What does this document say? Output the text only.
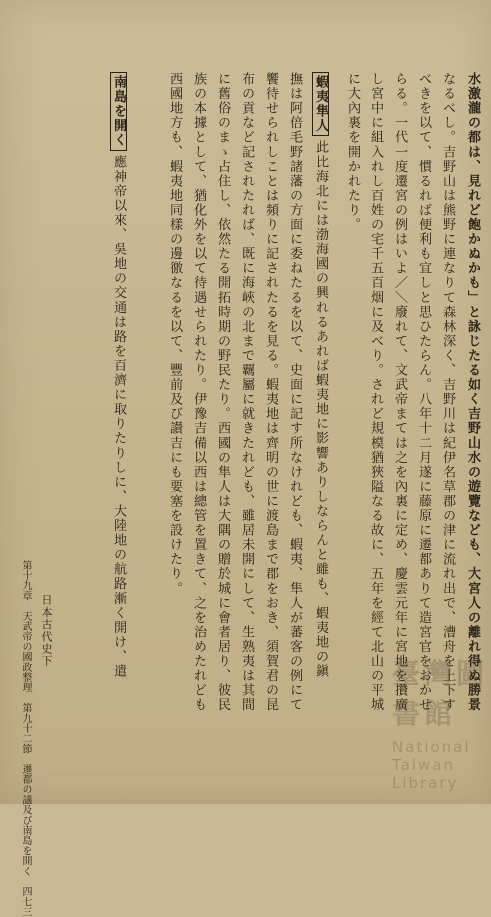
水激瀧の都は、見れど飽かぬかも」と詠じたる如く吉野山水の遊覽なども、大宮人の離れ得ぬ勝景
なるべし。吉野山は熊野に連なりて森林深く、吉野川は紀伊名草郡の津に流れ出で、漕舟を上下す
べきを以て、慣るれば便利も宜しと思ひたらん。八年十二月遂に藤原に遷都ありて造宮官をおかせ
らる。一代一度遷宮の例はいよ／＼廢れて、文武帝まては之を內裏に定め、慶雲元年に宮地を攢廣
し宮中に組入れし百姓の宅千五百烟に及べり。されど規模猶狹隘なる故に、五年を經て北山の平城
に大內裏を開かれたり。
蝦夷隼人此比海北には渤海國の興れるあれば蝦夷地に影響ありしならんと雖も、蝦夷地の鎭
撫は阿倍毛野諸藩の方面に委ねたるを以て、史面に記す所なけれども、蝦夷、隼人が蕃客の例にて
饗待せられしことは頻りに記されたるを見る。蝦夷地は齊明の世に渡島まで郡をおき、須賀君の昆
布の貢など記されたれば、既に海峽の北まで覊屬に就きたれども、雖居未開にして、生熟夷は其間
に舊俗のまゝ占住し、依然たる開拓時期の野民たり。西國の隼人は大隅の贈於城に會者居り、彼民
族の本據として、猶化外を以て待遇せられたり。伊豫吉備以西は總管を置きて、之を治めたれども
西國地方も、蝦夷地同樣の邊徼なるを以て、豐前及び讃吉にも要塞を設けたり。
南島を開く應神帝以來、吳地の交通は路を百濟に取りたりしに、大陸地の航路漸く開け、遣
日本古代史下
第十九章　天武帝の國政整理　第九十二節　遷都の議及び南島を開く　四七三	臺灣圖書館
National Taiwan Library
